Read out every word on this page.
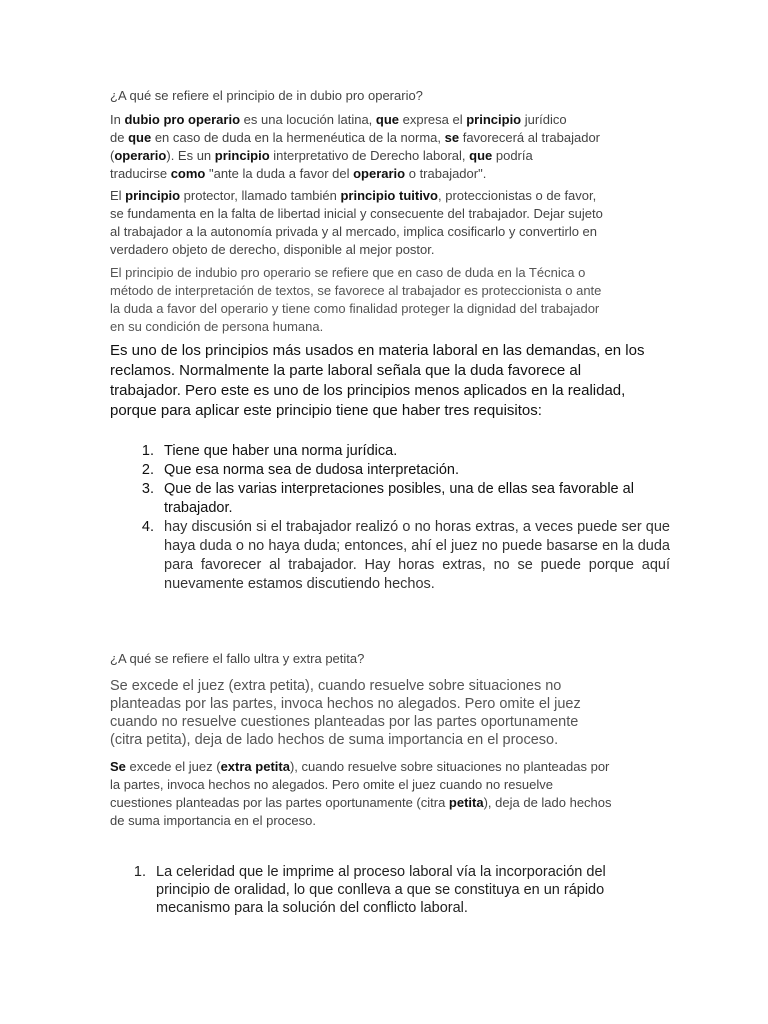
¿A qué se refiere el principio de in dubio pro operario?
In dubio pro operario es una locución latina, que expresa el principio jurídico
de que en caso de duda en la hermenéutica de la norma, se favorecerá al trabajador
(operario). Es un principio interpretativo de Derecho laboral, que podría
traducirse como "ante la duda a favor del operario o trabajador".
El principio protector, llamado también principio tuitivo, proteccionistas o de favor,
se fundamenta en la falta de libertad inicial y consecuente del trabajador. Dejar sujeto
al trabajador a la autonomía privada y al mercado, implica cosificarlo y convertirlo en
verdadero objeto de derecho, disponible al mejor postor.
El principio de indubio pro operario se refiere que en caso de duda en la Técnica o
método de interpretación de textos, se favorece al trabajador es proteccionista o ante
la duda a favor del operario y tiene como finalidad proteger la dignidad del trabajador
en su condición de persona humana.
Es uno de los principios más usados en materia laboral en las demandas, en los
reclamos. Normalmente la parte laboral señala que la duda favorece al
trabajador. Pero este es uno de los principios menos aplicados en la realidad,
porque para aplicar este principio tiene que haber tres requisitos:
1. Tiene que haber una norma jurídica.
2. Que esa norma sea de dudosa interpretación.
3. Que de las varias interpretaciones posibles, una de ellas sea favorable al trabajador.
4. hay discusión si el trabajador realizó o no horas extras, a veces puede ser que haya duda o no haya duda; entonces, ahí el juez no puede basarse en la duda para favorecer al trabajador. Hay horas extras, no se puede porque aquí nuevamente estamos discutiendo hechos.
¿A qué se refiere el fallo ultra y extra petita?
Se excede el juez (extra petita), cuando resuelve sobre situaciones no
planteadas por las partes, invoca hechos no alegados. Pero omite el juez
cuando no resuelve cuestiones planteadas por las partes oportunamente
(citra petita), deja de lado hechos de suma importancia en el proceso.
Se excede el juez (extra petita), cuando resuelve sobre situaciones no planteadas por
la partes, invoca hechos no alegados. Pero omite el juez cuando no resuelve
cuestiones planteadas por las partes oportunamente (citra petita), deja de lado hechos
de suma importancia en el proceso.
1. La celeridad que le imprime al proceso laboral vía la incorporación del principio de oralidad, lo que conlleva a que se constituya en un rápido mecanismo para la solución del conflicto laboral.
